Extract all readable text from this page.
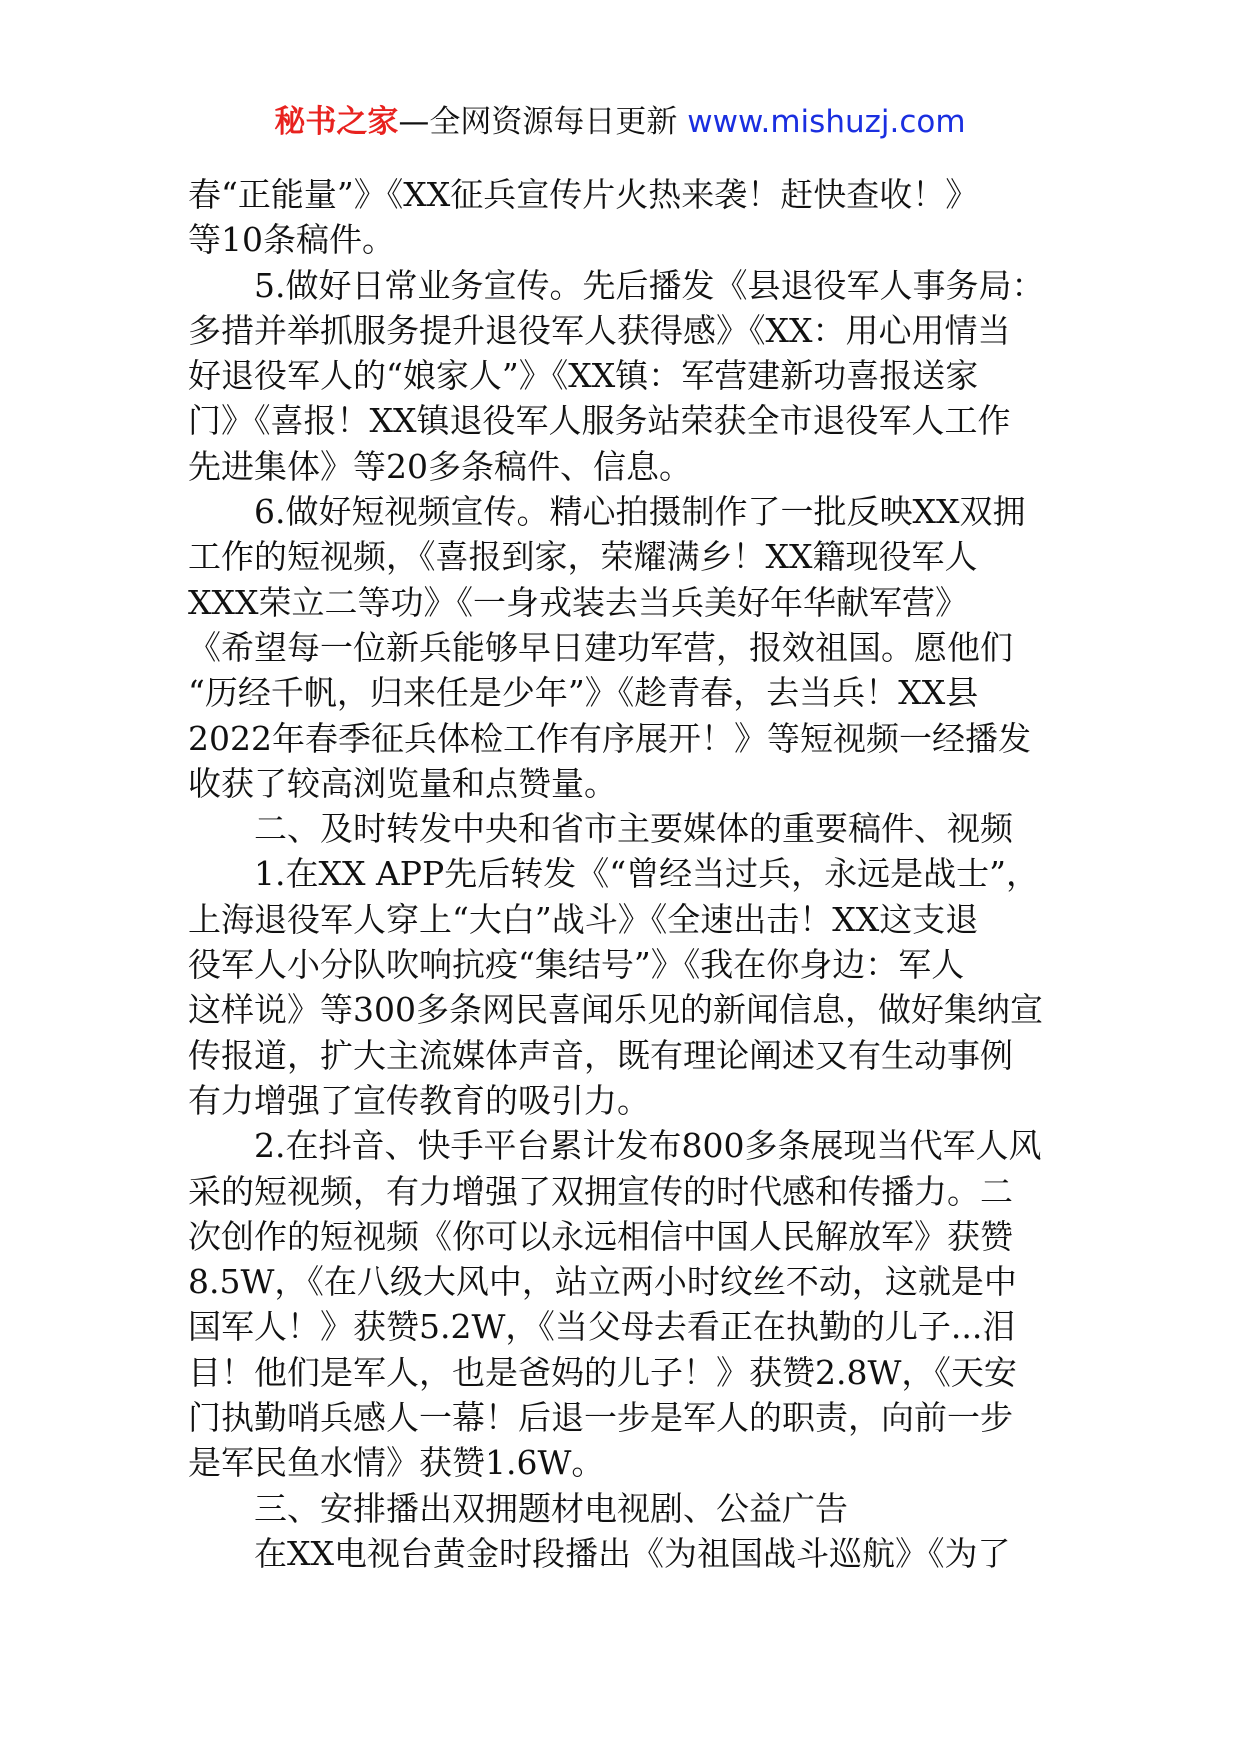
秘书之家—全网资源每日更新 www.mishuzj.com
春“正能量”》《XX征兵宣传片火热来袭！赶快查收！》
等10条稿件。
5.做好日常业务宣传。先后播发《县退役军人事务局：
多措并举抓服务提升退役军人获得感》《XX：用心用情当
好退役军人的“娘家人”》《XX镇：军营建新功喜报送家
门》《喜报！XX镇退役军人服务站荣获全市退役军人工作
先进集体》等20多条稿件、信息。
6.做好短视频宣传。精心拍摄制作了一批反映XX双拥
工作的短视频，《喜报到家，荣耀满乡！XX籍现役军人
XXX荣立二等功》《一身戎装去当兵美好年华献军营》
《希望每一位新兵能够早日建功军营，报效祖国。愿他们
“历经千帆，归来任是少年”》《趁青春，去当兵！XX县
2022年春季征兵体检工作有序展开！》等短视频一经播发
收获了较高浏览量和点赞量。
二、及时转发中央和省市主要媒体的重要稿件、视频
1.在XX APP先后转发《“曾经当过兵，永远是战士”，
上海退役军人穿上“大白”战斗》《全速出击！XX这支退
役军人小分队吹响抗疫“集结号”》《我在你身边：军人
这样说》等300多条网民喜闻乐见的新闻信息，做好集纳宣
传报道，扩大主流媒体声音，既有理论阐述又有生动事例
有力增强了宣传教育的吸引力。
2.在抖音、快手平台累计发布800多条展现当代军人风
采的短视频，有力增强了双拥宣传的时代感和传播力。二
次创作的短视频《你可以永远相信中国人民解放军》获赞
8.5W，《在八级大风中，站立两小时纹丝不动，这就是中
国军人！》获赞5.2W，《当父母去看正在执勤的儿子...泪
目！他们是军人，也是爸妈的儿子！》获赞2.8W，《天安
门执勤哨兵感人一幕！后退一步是军人的职责，向前一步
是军民鱼水情》获赞1.6W。
三、安排播出双拥题材电视剧、公益广告
在XX电视台黄金时段播出《为祖国战斗巡航》《为了
